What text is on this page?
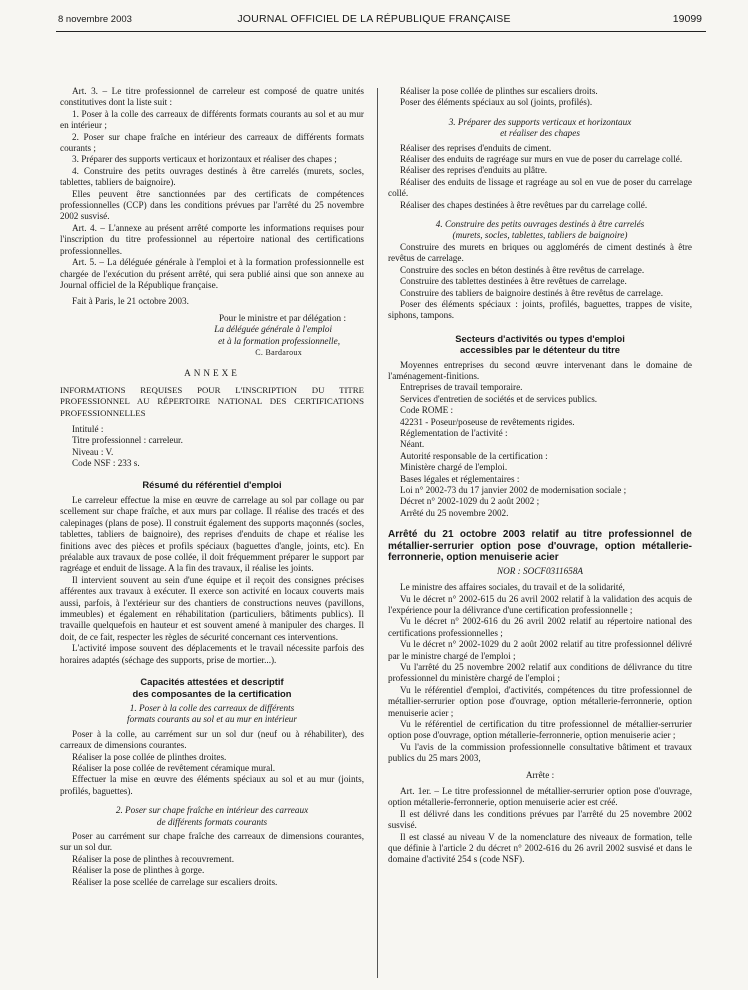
8 novembre 2003	JOURNAL OFFICIEL DE LA RÉPUBLIQUE FRANÇAISE	19099

Art. 3. – Le titre professionnel de carreleur est composé de quatre unités constitutives dont la liste suit :

1. Poser à la colle des carreaux de différents formats courants au sol et au mur en intérieur ;

2. Poser sur chape fraîche en intérieur des carreaux de différents formats courants ;

3. Préparer des supports verticaux et horizontaux et réaliser des chapes ;

4. Construire des petits ouvrages destinés à être carrelés (murets, socles, tablettes, tabliers de baignoire).

Elles peuvent être sanctionnées par des certificats de compétences professionnelles (CCP) dans les conditions prévues par l'arrêté du 25 novembre 2002 susvisé.

Art. 4. – L'annexe au présent arrêté comporte les informations requises pour l'inscription du titre professionnel au répertoire national des certifications professionnelles.

Art. 5. – La déléguée générale à l'emploi et à la formation professionnelle est chargée de l'exécution du présent arrêté, qui sera publié ainsi que son annexe au Journal officiel de la République française.

Fait à Paris, le 21 octobre 2003.

Pour le ministre et par délégation :

La déléguée générale à l'emploi

et à la formation professionnelle,

C. Bardaroux

ANNEXE

INFORMATIONS REQUISES POUR L'INSCRIPTION DU TITRE PROFESSIONNEL AU RÉPERTOIRE NATIONAL DES CERTIFICATIONS PROFESSIONNELLES

Intitulé :

Titre professionnel : carreleur.

Niveau : V.

Code NSF : 233 s.

Résumé du référentiel d'emploi

Le carreleur effectue la mise en œuvre de carrelage au sol par collage ou par scellement sur chape fraîche, et aux murs par collage. Il réalise des tracés et des calepinages (plans de pose). Il construit également des supports maçonnés (socles, tablettes, tabliers de baignoire), des reprises d'enduits de chape et réalise les finitions avec des pièces et profils spéciaux (baguettes d'angle, joints, etc). En préalable aux travaux de pose collée, il doit fréquemment préparer le support par ragréage et enduit de lissage. A la fin des travaux, il réalise les joints.

Il intervient souvent au sein d'une équipe et il reçoit des consignes précises afférentes aux travaux à exécuter. Il exerce son activité en locaux couverts mais aussi, parfois, à l'extérieur sur des chantiers de constructions neuves (pavillons, immeubles) et également en réhabilitation (particuliers, bâtiments publics). Il travaille quelquefois en hauteur et est souvent amené à manipuler des charges. Il doit, de ce fait, respecter les règles de sécurité concernant ces interventions.

L'activité impose souvent des déplacements et le travail nécessite parfois des horaires adaptés (séchage des supports, prise de mortier...).

Capacités attestées et descriptif

des composantes de la certification

1. Poser à la colle des carreaux de différents

formats courants au sol et au mur en intérieur

Poser à la colle, au carrément sur un sol dur (neuf ou à réhabiliter), des carreaux de dimensions courantes.

Réaliser la pose collée de plinthes droites.

Réaliser la pose collée de revêtement céramique mural.

Effectuer la mise en œuvre des éléments spéciaux au sol et au mur (joints, profilés, baguettes).

2. Poser sur chape fraîche en intérieur des carreaux

de différents formats courants

Poser au carrément sur chape fraîche des carreaux de dimensions courantes, sur un sol dur.

Réaliser la pose de plinthes à recouvrement.

Réaliser la pose de plinthes à gorge.

Réaliser la pose scellée de carrelage sur escaliers droits.

Réaliser la pose collée de plinthes sur escaliers droits.

Poser des éléments spéciaux au sol (joints, profilés).

3. Préparer des supports verticaux et horizontaux

et réaliser des chapes

Réaliser des reprises d'enduits de ciment.

Réaliser des enduits de ragréage sur murs en vue de poser du carrelage collé.

Réaliser des reprises d'enduits au plâtre.

Réaliser des enduits de lissage et ragréage au sol en vue de poser du carrelage collé.

Réaliser des chapes destinées à être revêtues par du carrelage collé.

4. Construire des petits ouvrages destinés à être carrelés

(murets, socles, tablettes, tabliers de baignoire)

Construire des murets en briques ou agglomérés de ciment destinés à être revêtus de carrelage.

Construire des socles en béton destinés à être revêtus de carrelage.

Construire des tablettes destinées à être revêtues de carrelage.

Construire des tabliers de baignoire destinés à être revêtus de carrelage.

Poser des éléments spéciaux : joints, profilés, baguettes, trappes de visite, siphons, tampons.

Secteurs d'activités ou types d'emploi

accessibles par le détenteur du titre

Moyennes entreprises du second œuvre intervenant dans le domaine de l'aménagement-finitions.

Entreprises de travail temporaire.

Services d'entretien de sociétés et de services publics.

Code ROME :

42231 - Poseur/poseuse de revêtements rigides.

Réglementation de l'activité :

Néant.

Autorité responsable de la certification :

Ministère chargé de l'emploi.

Bases légales et réglementaires :

Loi n° 2002-73 du 17 janvier 2002 de modernisation sociale ;

Décret n° 2002-1029 du 2 août 2002 ;

Arrêté du 25 novembre 2002.

Arrêté du 21 octobre 2003 relatif au titre professionnel de métallier-serrurier option pose d'ouvrage, option métallerie-ferronnerie, option menuiserie acier

NOR : SOCF0311658A

Le ministre des affaires sociales, du travail et de la solidarité,

Vu le décret n° 2002-615 du 26 avril 2002 relatif à la validation des acquis de l'expérience pour la délivrance d'une certification professionnelle ;

Vu le décret n° 2002-616 du 26 avril 2002 relatif au répertoire national des certifications professionnelles ;

Vu le décret n° 2002-1029 du 2 août 2002 relatif au titre professionnel délivré par le ministre chargé de l'emploi ;

Vu l'arrêté du 25 novembre 2002 relatif aux conditions de délivrance du titre professionnel du ministère chargé de l'emploi ;

Vu le référentiel d'emploi, d'activités, compétences du titre professionnel de métallier-serrurier option pose d'ouvrage, option métallerie-ferronnerie, option menuiserie acier ;

Vu le référentiel de certification du titre professionnel de métallier-serrurier option pose d'ouvrage, option métallerie-ferronnerie, option menuiserie acier ;

Vu l'avis de la commission professionnelle consultative bâtiment et travaux publics du 25 mars 2003,

Arrête :

Art. 1er. – Le titre professionnel de métallier-serrurier option pose d'ouvrage, option métallerie-ferronnerie, option menuiserie acier est créé.

Il est délivré dans les conditions prévues par l'arrêté du 25 novembre 2002 susvisé.

Il est classé au niveau V de la nomenclature des niveaux de formation, telle que définie à l'article 2 du décret n° 2002-616 du 26 avril 2002 susvisé et dans le domaine d'activité 254 s (code NSF).
